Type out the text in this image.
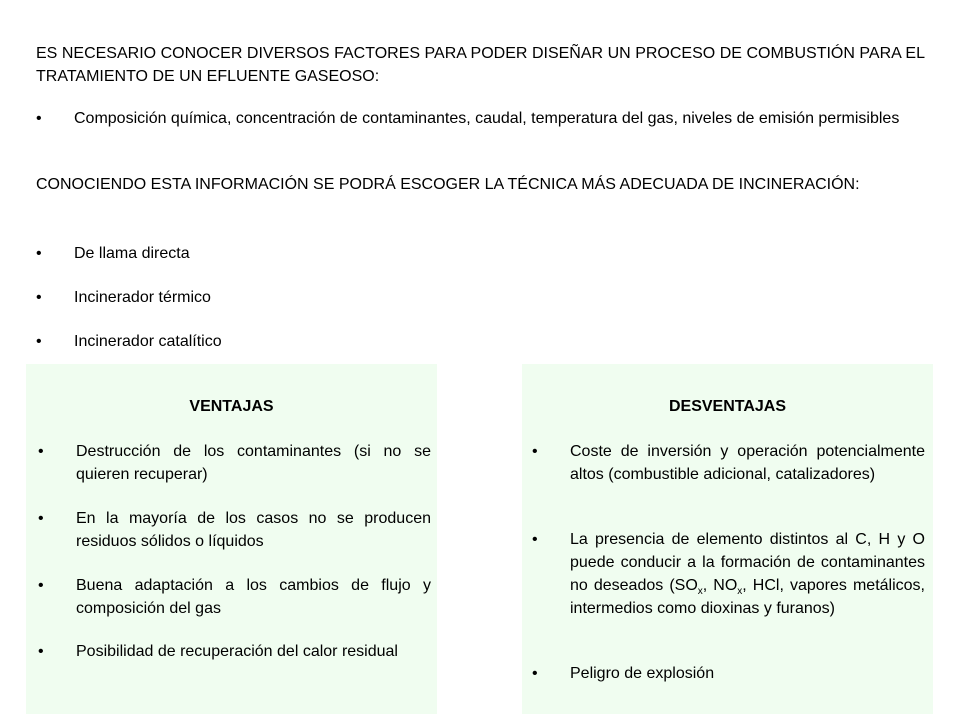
ES NECESARIO CONOCER DIVERSOS FACTORES PARA PODER DISEÑAR UN PROCESO DE COMBUSTIÓN PARA EL TRATAMIENTO DE UN EFLUENTE GASEOSO:
• Composición química, concentración de contaminantes, caudal, temperatura del gas, niveles de emisión permisibles
CONOCIENDO ESTA INFORMACIÓN SE PODRÁ ESCOGER LA TÉCNICA MÁS ADECUADA DE INCINERACIÓN:
• De llama directa
• Incinerador térmico
• Incinerador catalítico
VENTAJAS
• Destrucción de los contaminantes (si no se quieren recuperar)
• En la mayoría de los casos no se producen residuos sólidos o líquidos
• Buena adaptación a los cambios de flujo y composición del gas
• Posibilidad de recuperación del calor residual
DESVENTAJAS
• Coste de inversión y operación potencialmente altos (combustible adicional, catalizadores)
• La presencia de elemento distintos al C, H y O puede conducir a la formación de contaminantes no deseados ($SO_x$, $NO_x$, HCl, vapores metálicos, intermedios como dioxinas y furanos)
• Peligro de explosión
